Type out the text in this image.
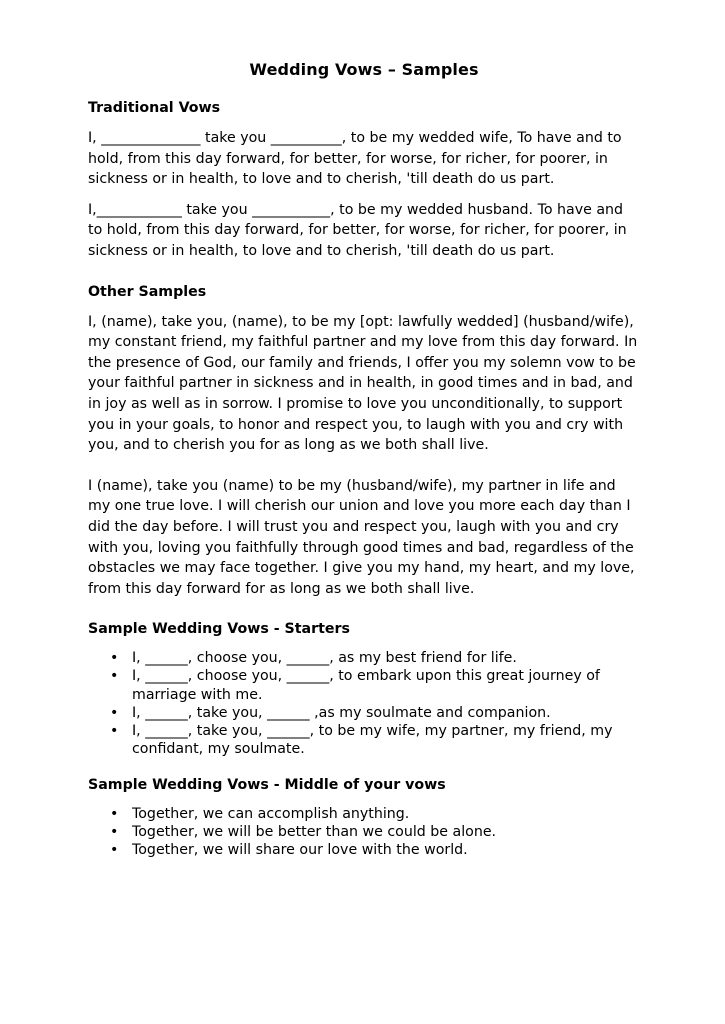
Wedding Vows – Samples
Traditional Vows

I, ______________ take you __________, to be my wedded wife, To have and to hold, from this day forward, for better, for worse, for richer, for poorer, in sickness or in health, to love and to cherish, 'till death do us part.

I,____________ take you ___________, to be my wedded husband. To have and to hold, from this day forward, for better, for worse, for richer, for poorer, in sickness or in health, to love and to cherish, 'till death do us part.

Other Samples

I, (name), take you, (name), to be my [opt: lawfully wedded] (husband/wife), my constant friend, my faithful partner and my love from this day forward. In the presence of God, our family and friends, I offer you my solemn vow to be your faithful partner in sickness and in health, in good times and in bad, and in joy as well as in sorrow. I promise to love you unconditionally, to support you in your goals, to honor and respect you, to laugh with you and cry with you, and to cherish you for as long as we both shall live.

I (name), take you (name) to be my (husband/wife), my partner in life and my one true love. I will cherish our union and love you more each day than I did the day before. I will trust you and respect you, laugh with you and cry with you, loving you faithfully through good times and bad, regardless of the obstacles we may face together. I give you my hand, my heart, and my love, from this day forward for as long as we both shall live.

Sample Wedding Vows - Starters
• I, ______, choose you, ______, as my best friend for life.
• I, ______, choose you, ______, to embark upon this great journey of marriage with me.
• I, ______, take you, ______ ,as my soulmate and companion.
• I, ______, take you, ______, to be my wife, my partner, my friend, my confidant, my soulmate.
Sample Wedding Vows - Middle of your vows
• Together, we can accomplish anything.
• Together, we will be better than we could be alone.
• Together, we will share our love with the world.
